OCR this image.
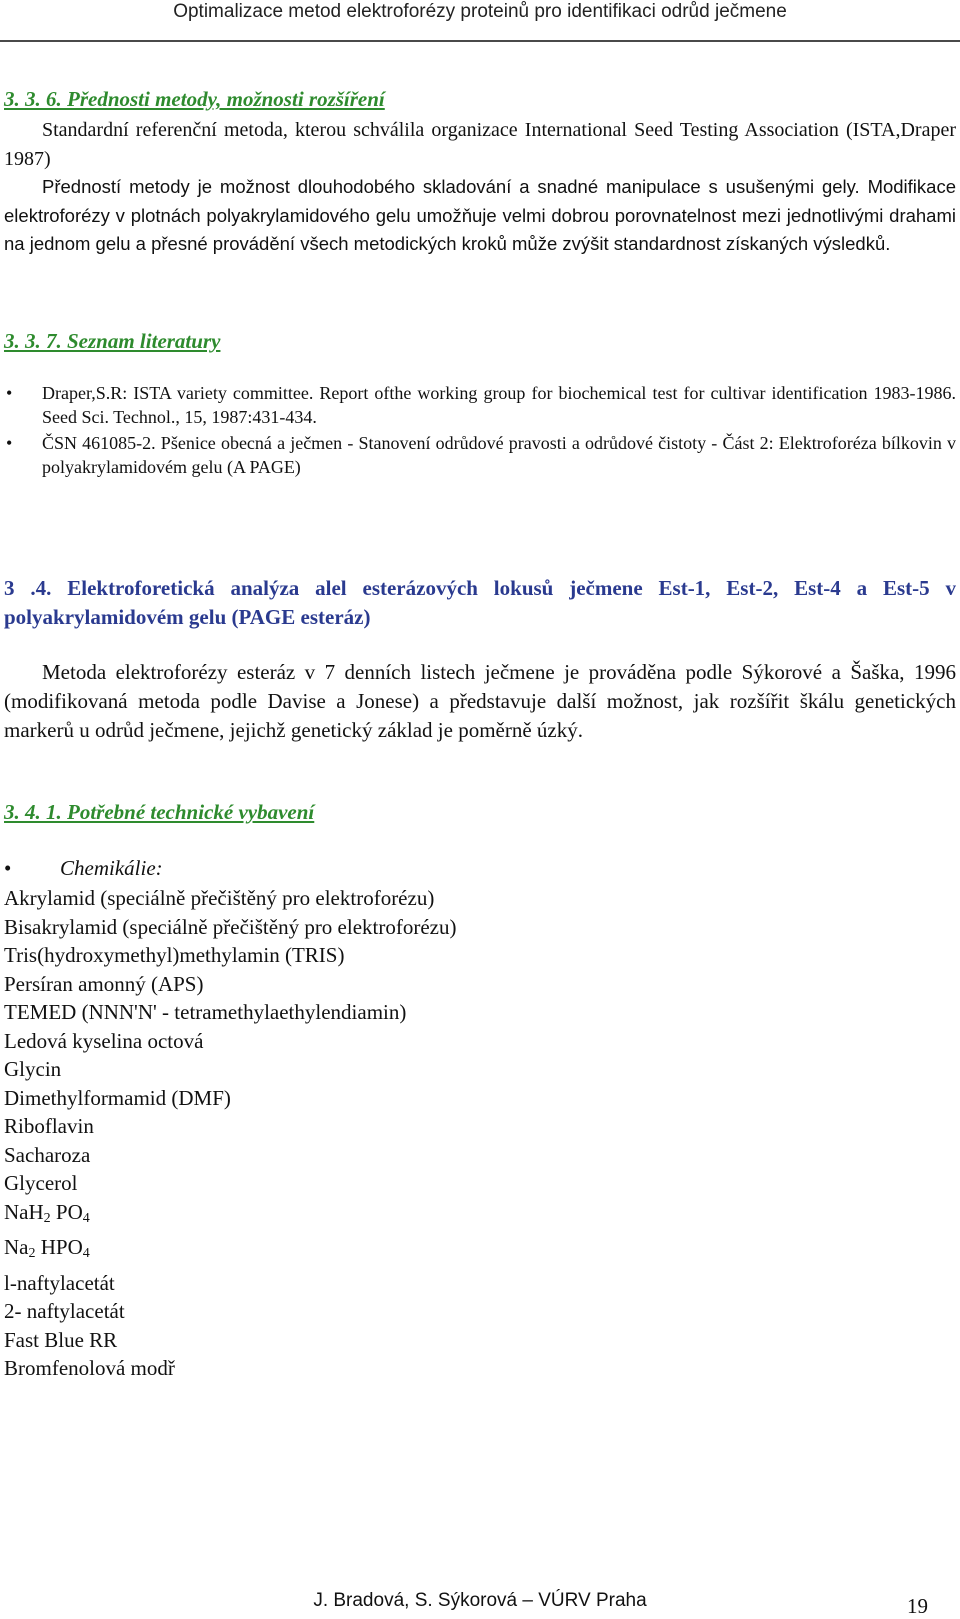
Optimalizace metod elektroforézy proteinů pro identifikaci odrůd ječmene
3. 3. 6. Přednosti metody, možnosti rozšíření

Standardní referenční metoda, kterou schválila organizace International Seed Testing Association (ISTA,Draper 1987)

Předností metody je možnost dlouhodobého skladování a snadné manipulace s usušenými gely. Modifikace elektroforézy v plotnách polyakrylamidového gelu umožňuje velmi dobrou porovnatelnost mezi jednotlivými drahami na jednom gelu a přesné provádění všech metodických kroků může zvýšit standardnost získaných výsledků.

3. 3. 7. Seznam literatury
• Draper,S.R: ISTA variety committee. Report ofthe working group for biochemical test for cultivar identification 1983-1986. Seed Sci. Technol., 15, 1987:431-434.
• ČSN 461085-2. Pšenice obecná a ječmen - Stanovení odrůdové pravosti a odrůdové čistoty - Část 2: Elektroforéza bílkovin v polyakrylamidovém gelu (A PAGE)
3 .4. Elektroforetická analýza alel esterázových lokusů ječmene Est-1, Est-2, Est-4 a Est-5 v polyakrylamidovém gelu (PAGE esteráz)

Metoda elektroforézy esteráz v 7 denních listech ječmene je prováděna podle Sýkorové a Šaška, 1996 (modifikovaná metoda podle Davise a Jonese) a představuje další možnost, jak rozšířit škálu genetických markerů u odrůd ječmene, jejichž genetický základ je poměrně úzký.

3. 4. 1. Potřebné technické vybavení
• Chemikálie:
Akrylamid (speciálně přečištěný pro elektroforézu)
Bisakrylamid (speciálně přečištěný pro elektroforézu)
Tris(hydroxymethyl)methylamin (TRIS)
Persíran amonný (APS)
TEMED (NNN'N' - tetramethylaethylendiamin)
Ledová kyselina octová
Glycin
Dimethylformamid (DMF)
Riboflavin
Sacharoza
Glycerol
NaH$_2$ $PO_4$
$Na_2$ $HPO_4$
l-naftylacetát
2- naftylacetát
Fast Blue RR
Bromfenolová modř
J. Bradová, S. Sýkorová – VÚRV Praha	19
